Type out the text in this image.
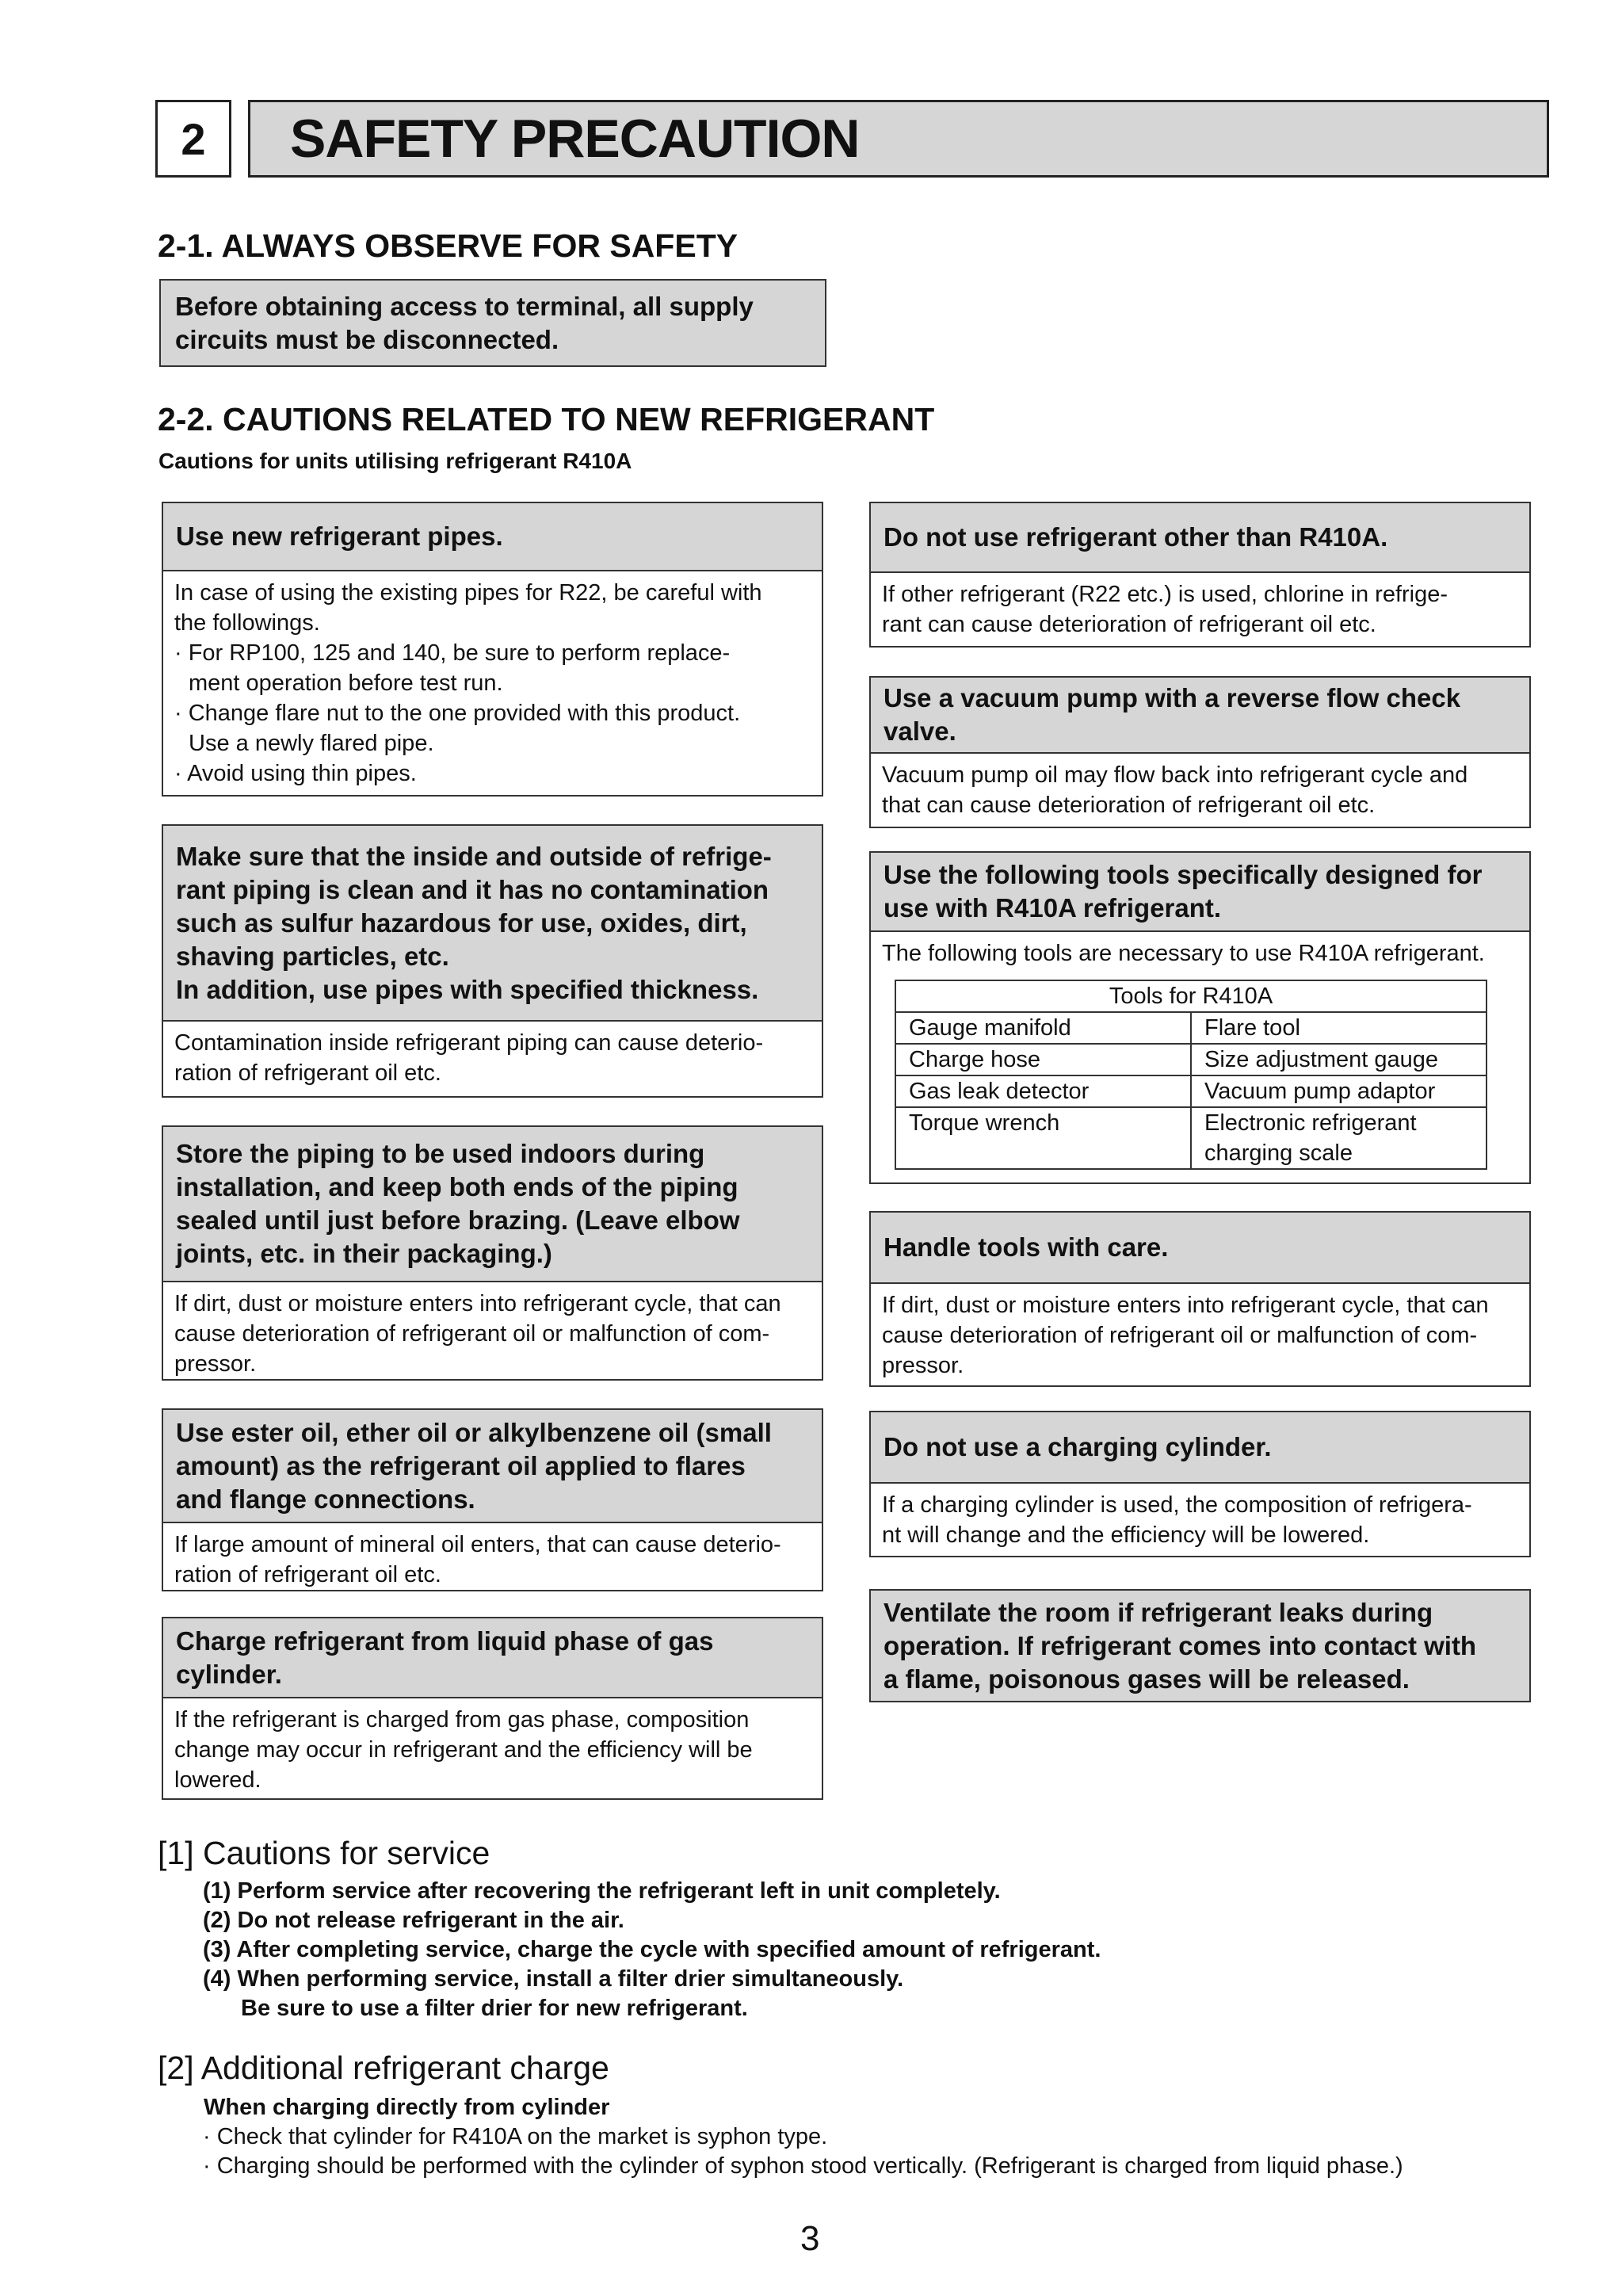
2	SAFETY PRECAUTION
2-1. ALWAYS OBSERVE FOR SAFETY
Before obtaining access to terminal, all supply
circuits must be disconnected.
2-2. CAUTIONS RELATED TO NEW REFRIGERANT
Cautions for units utilising refrigerant R410A
Use new refrigerant pipes.
In case of using the existing pipes for R22, be careful with
the followings.
· For RP100, 125 and 140, be sure to perform replace-
ment operation before test run.
· Change flare nut to the one provided with this product.
Use a newly flared pipe.
· Avoid using thin pipes.
Make sure that the inside and outside of refrige-
rant piping is clean and it has no contamination
such as sulfur hazardous for use, oxides, dirt,
shaving particles, etc.
In addition, use pipes with specified thickness.
Contamination inside refrigerant piping can cause deterio-
ration of refrigerant oil etc.
Store the piping to be used indoors during
installation, and keep both ends of the piping
sealed until just before brazing. (Leave elbow
joints, etc. in their packaging.)
If dirt, dust or moisture enters into refrigerant cycle, that can
cause deterioration of refrigerant oil or malfunction of com-
pressor.
Use ester oil, ether oil or alkylbenzene oil (small
amount) as the refrigerant oil applied to flares
and flange connections.
If large amount of mineral oil enters, that can cause deterio-
ration of refrigerant oil etc.
Charge refrigerant from liquid phase of gas
cylinder.
If the refrigerant is charged from gas phase, composition
change may occur in refrigerant and the efficiency will be
lowered.
Do not use refrigerant other than R410A.
If other refrigerant (R22 etc.) is used, chlorine in refrige-
rant can cause deterioration of refrigerant oil etc.
Use a vacuum pump with a reverse flow check
valve.
Vacuum pump oil may flow back into refrigerant cycle and
that can cause deterioration of refrigerant oil etc.
Use the following tools specifically designed for
use with R410A refrigerant.
The following tools are necessary to use R410A refrigerant.
Tools for R410A	
Gauge manifold	Flare tool
Charge hose	Size adjustment gauge
Gas leak detector	Vacuum pump adaptor
Torque wrench	Electronic refrigerant charging scale
Handle tools with care.
If dirt, dust or moisture enters into refrigerant cycle, that can
cause deterioration of refrigerant oil or malfunction of com-
pressor.
Do not use a charging cylinder.
If a charging cylinder is used, the composition of refrigera-
nt will change and the efficiency will be lowered.
Ventilate the room if refrigerant leaks during
operation. If refrigerant comes into contact with
a flame, poisonous gases will be released.
[1] Cautions for service
(1) Perform service after recovering the refrigerant left in unit completely.
(2) Do not release refrigerant in the air.
(3) After completing service, charge the cycle with specified amount of refrigerant.
(4) When performing service, install a filter drier simultaneously.
Be sure to use a filter drier for new refrigerant.
[2] Additional refrigerant charge
When charging directly from cylinder
· Check that cylinder for R410A on the market is syphon type.
· Charging should be performed with the cylinder of syphon stood vertically. (Refrigerant is charged from liquid phase.)
3
